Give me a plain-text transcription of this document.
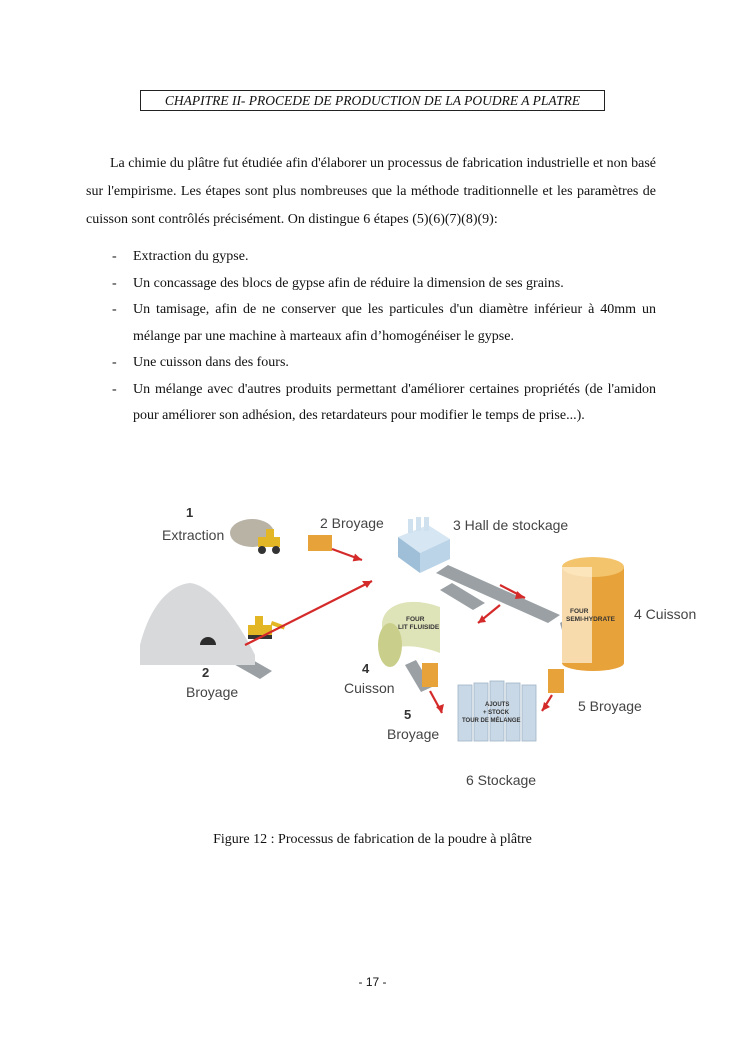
CHAPITRE II- PROCEDE DE PRODUCTION DE LA POUDRE A PLATRE

La chimie du plâtre fut étudiée afin d'élaborer un processus de fabrication industrielle et non basé sur l'empirisme. Les étapes sont plus nombreuses que la méthode traditionnelle et les paramètres de cuisson sont contrôlés précisément. On distingue 6 étapes (5)(6)(7)(8)(9):

- Extraction du gypse.
- Un concassage des blocs de gypse afin de réduire la dimension de ses grains.
- Un tamisage, afin de ne conserver que les particules d'un diamètre inférieur à 40mm un mélange par une machine à marteaux afin d’homogénéiser le gypse.
- Une cuisson dans des fours.
- Un mélange avec d'autres produits permettant d'améliorer certaines propriétés (de l'amidon pour améliorer son adhésion, des retardateurs pour modifier le temps de prise...).
FOUR
SEMI-HYDRATE
FOUR
LIT FLUISIDE
AJOUTS
+ STOCK
TOUR DE MÉLANGE
1
Extraction
2 Broyage	3 Hall de stockage
4 Cuisson
2
Broyage
4
Cuisson
5
Broyage
5 Broyage
6 Stockage
Figure 12 : Processus de fabrication de la poudre à plâtre
- 17 -
